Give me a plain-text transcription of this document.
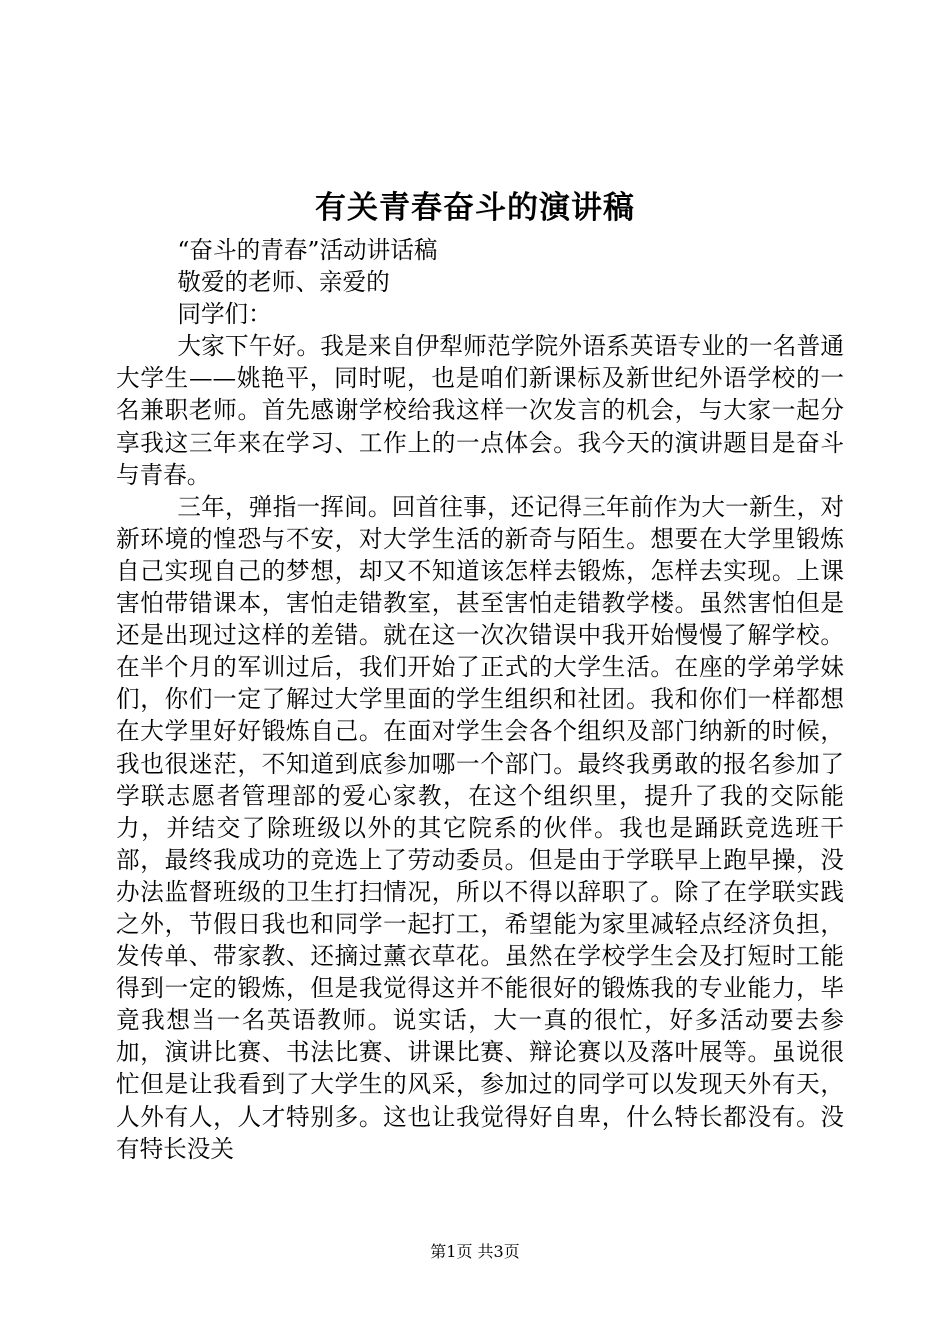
有关青春奋斗的演讲稿

“奋斗的青春”活动讲话稿

敬爱的老师、亲爱的

同学们：

大家下午好。我是来自伊犁师范学院外语系英语专业的一名普通大学生——姚艳平，同时呢，也是咱们新课标及新世纪外语学校的一名兼职老师。首先感谢学校给我这样一次发言的机会，与大家一起分享我这三年来在学习、工作上的一点体会。我今天的演讲题目是奋斗与青春。

三年，弹指一挥间。回首往事，还记得三年前作为大一新生，对新环境的惶恐与不安，对大学生活的新奇与陌生。想要在大学里锻炼自己实现自己的梦想，却又不知道该怎样去锻炼，怎样去实现。上课害怕带错课本，害怕走错教室，甚至害怕走错教学楼。虽然害怕但是还是出现过这样的差错。就在这一次次错误中我开始慢慢了解学校。在半个月的军训过后，我们开始了正式的大学生活。在座的学弟学妹们，你们一定了解过大学里面的学生组织和社团。我和你们一样都想在大学里好好锻炼自己。在面对学生会各个组织及部门纳新的时候，我也很迷茫，不知道到底参加哪一个部门。最终我勇敢的报名参加了学联志愿者管理部的爱心家教，在这个组织里，提升了我的交际能力，并结交了除班级以外的其它院系的伙伴。我也是踊跃竞选班干部，最终我成功的竞选上了劳动委员。但是由于学联早上跑早操，没办法监督班级的卫生打扫情况，所以不得以辞职了。除了在学联实践之外，节假日我也和同学一起打工，希望能为家里减轻点经济负担，发传单、带家教、还摘过薰衣草花。虽然在学校学生会及打短时工能得到一定的锻炼，但是我觉得这并不能很好的锻炼我的专业能力，毕竟我想当一名英语教师。说实话，大一真的很忙，好多活动要去参加，演讲比赛、书法比赛、讲课比赛、辩论赛以及落叶展等。虽说很忙但是让我看到了大学生的风采，参加过的同学可以发现天外有天，人外有人，人才特别多。这也让我觉得好自卑，什么特长都没有。没有特长没关

第1页 共3页
